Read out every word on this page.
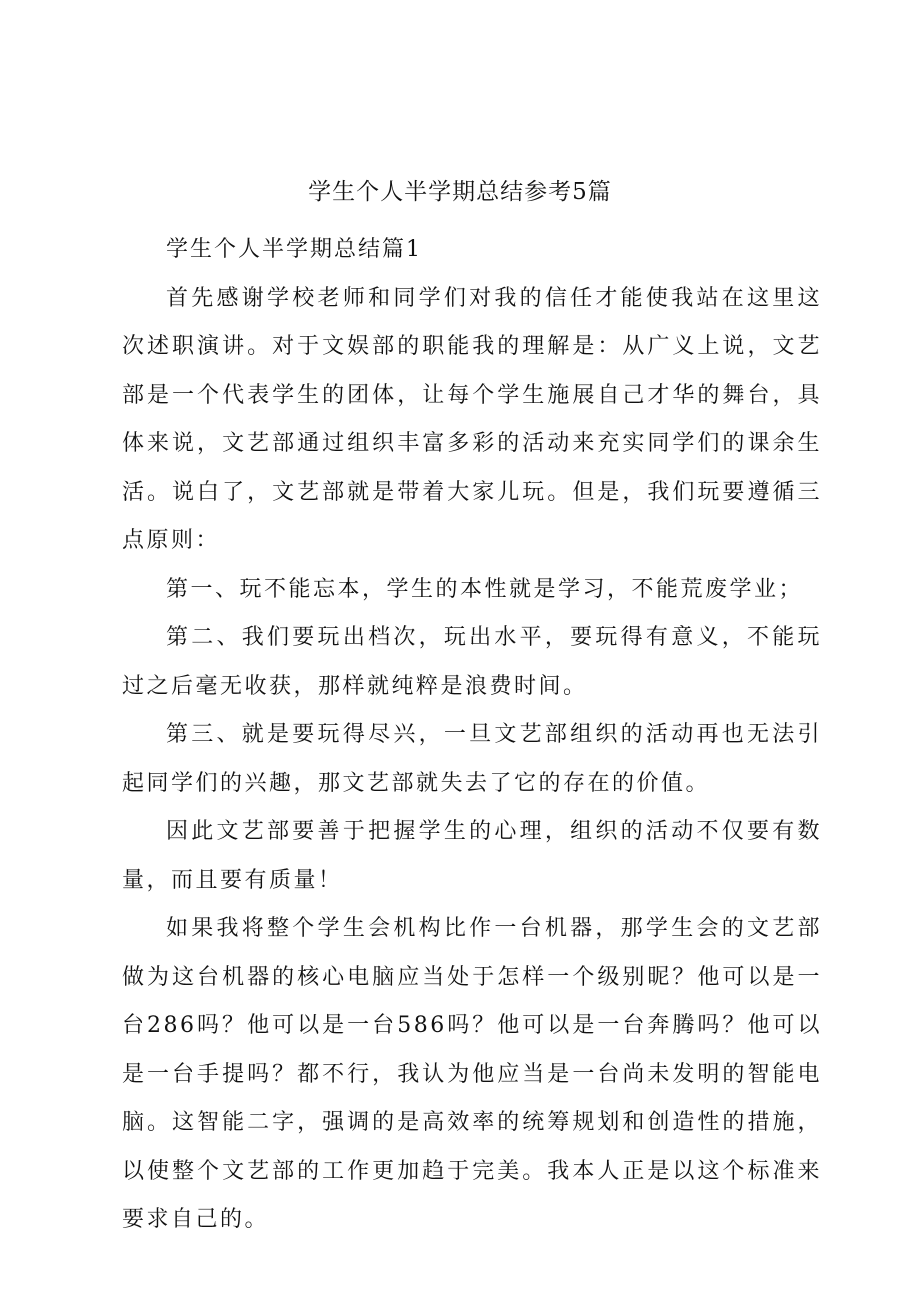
学生个人半学期总结参考5篇

学生个人半学期总结篇1

首先感谢学校老师和同学们对我的信任才能使我站在这里这次述职演讲。对于文娱部的职能我的理解是：从广义上说，文艺部是一个代表学生的团体，让每个学生施展自己才华的舞台，具体来说，文艺部通过组织丰富多彩的活动来充实同学们的课余生活。说白了，文艺部就是带着大家儿玩。但是，我们玩要遵循三点原则：

第一、玩不能忘本，学生的本性就是学习，不能荒废学业；

第二、我们要玩出档次，玩出水平，要玩得有意义，不能玩过之后毫无收获，那样就纯粹是浪费时间。

第三、就是要玩得尽兴，一旦文艺部组织的活动再也无法引起同学们的兴趣，那文艺部就失去了它的存在的价值。

因此文艺部要善于把握学生的心理，组织的活动不仅要有数量，而且要有质量！

如果我将整个学生会机构比作一台机器，那学生会的文艺部做为这台机器的核心电脑应当处于怎样一个级别昵？他可以是一台286吗？他可以是一台586吗？他可以是一台奔腾吗？他可以是一台手提吗？都不行，我认为他应当是一台尚未发明的智能电脑。这智能二字，强调的是高效率的统筹规划和创造性的措施，以使整个文艺部的工作更加趋于完美。我本人正是以这个标准来要求自己的。
